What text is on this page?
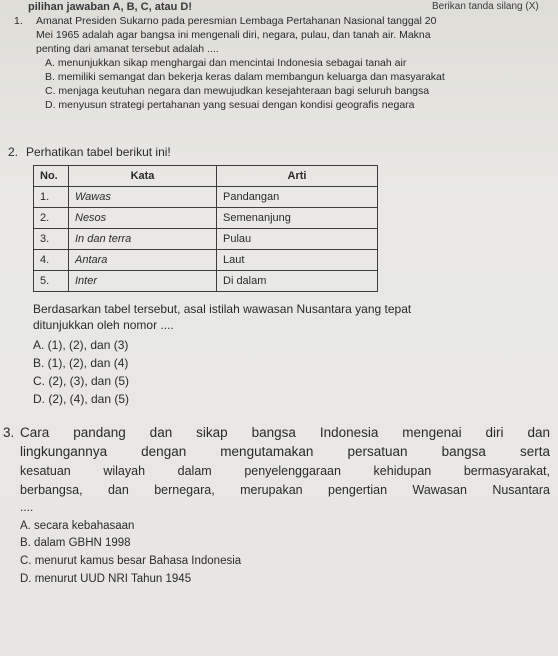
pilihan jawaban A, B, C, atau D!	Berikan tanda silang (X)
1. Amanat Presiden Sukarno pada peresmian Lembaga Pertahanan Nasional tanggal 20
Mei 1965 adalah agar bangsa ini mengenali diri, negara, pulau, dan tanah air. Makna
penting dari amanat tersebut adalah ....
A. menunjukkan sikap menghargai dan mencintai Indonesia sebagai tanah air
B. memiliki semangat dan bekerja keras dalam membangun keluarga dan masyarakat
C. menjaga keutuhan negara dan mewujudkan kesejahteraan bagi seluruh bangsa
D. menyusun strategi pertahanan yang sesuai dengan kondisi geografis negara
2. Perhatikan tabel berikut ini!
No.	Kata	Arti
1.	Wawas	Pandangan
2.	Nesos	Semenanjung
3.	In dan terra	Pulau
4.	Antara	Laut
5.	Inter	Di dalam
Berdasarkan tabel tersebut, asal istilah wawasan Nusantara yang tepat
ditunjukkan oleh nomor ....
A. (1), (2), dan (3)
B. (1), (2), dan (4)
C. (2), (3), dan (5)
D. (2), (4), dan (5)
3. Cara pandang dan sikap bangsa Indonesia mengenai diri dan
lingkungannya dengan mengutamakan persatuan bangsa serta
kesatuan wilayah dalam penyelenggaraan kehidupan bermasyarakat,
berbangsa, dan bernegara, merupakan pengertian Wawasan Nusantara
....
A. secara kebahasaan
B. dalam GBHN 1998
C. menurut kamus besar Bahasa Indonesia
D. menurut UUD NRI Tahun 1945
